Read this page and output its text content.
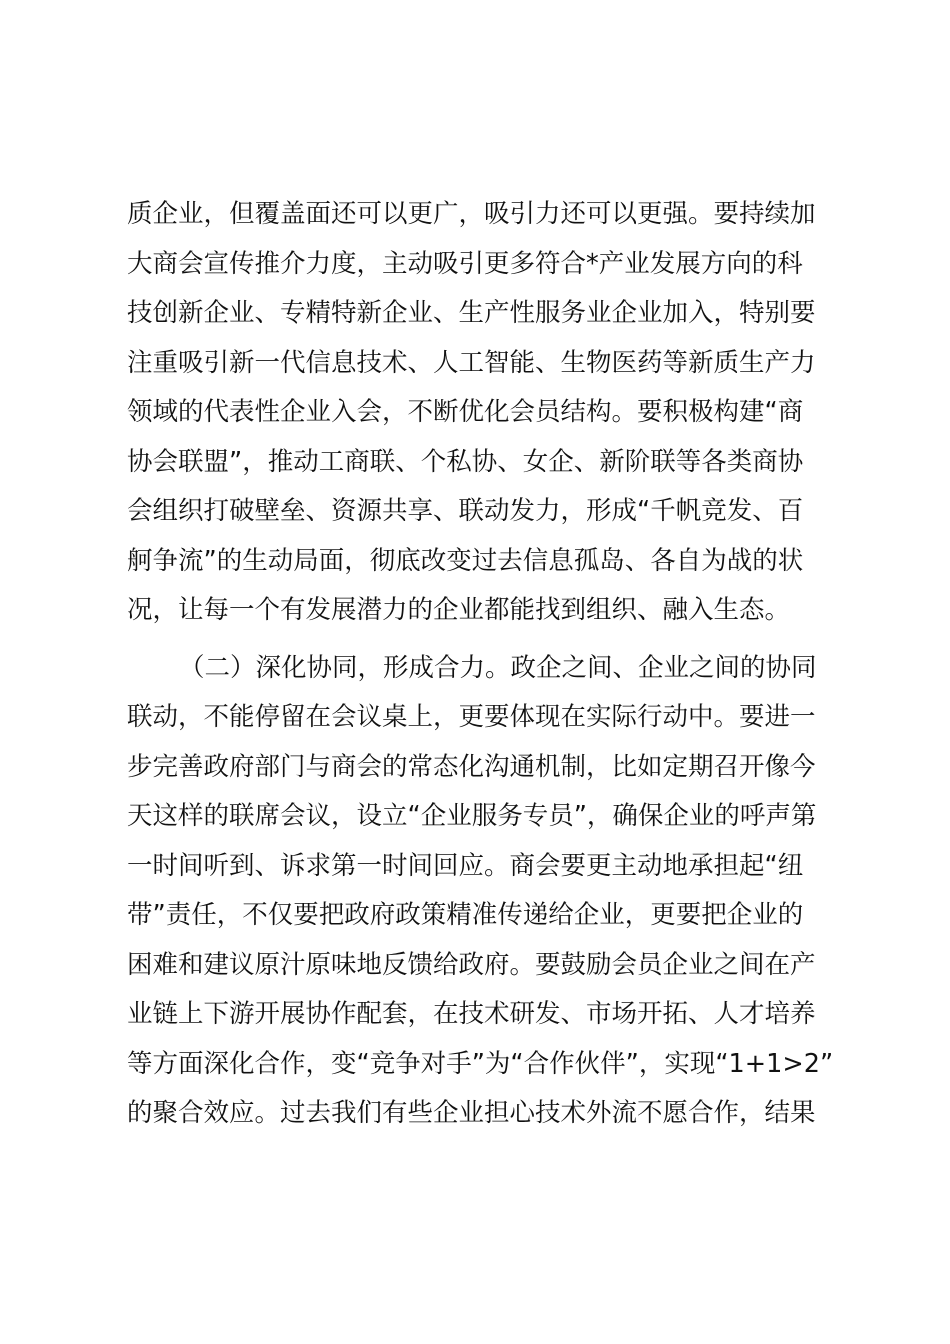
质企业，但覆盖面还可以更广，吸引力还可以更强。要持续加
大商会宣传推介力度，主动吸引更多符合*产业发展方向的科
技创新企业、专精特新企业、生产性服务业企业加入，特别要
注重吸引新一代信息技术、人工智能、生物医药等新质生产力
领域的代表性企业入会，不断优化会员结构。要积极构建“商
协会联盟”，推动工商联、个私协、女企、新阶联等各类商协
会组织打破壁垒、资源共享、联动发力，形成“千帆竞发、百
舸争流”的生动局面，彻底改变过去信息孤岛、各自为战的状
况，让每一个有发展潜力的企业都能找到组织、融入生态。
（二）深化协同，形成合力。政企之间、企业之间的协同
联动，不能停留在会议桌上，更要体现在实际行动中。要进一
步完善政府部门与商会的常态化沟通机制，比如定期召开像今
天这样的联席会议，设立“企业服务专员”，确保企业的呼声第
一时间听到、诉求第一时间回应。商会要更主动地承担起“纽
带”责任，不仅要把政府政策精准传递给企业，更要把企业的
困难和建议原汁原味地反馈给政府。要鼓励会员企业之间在产
业链上下游开展协作配套，在技术研发、市场开拓、人才培养
等方面深化合作，变“竞争对手”为“合作伙伴”，实现“1+1>2”
的聚合效应。过去我们有些企业担心技术外流不愿合作，结果
